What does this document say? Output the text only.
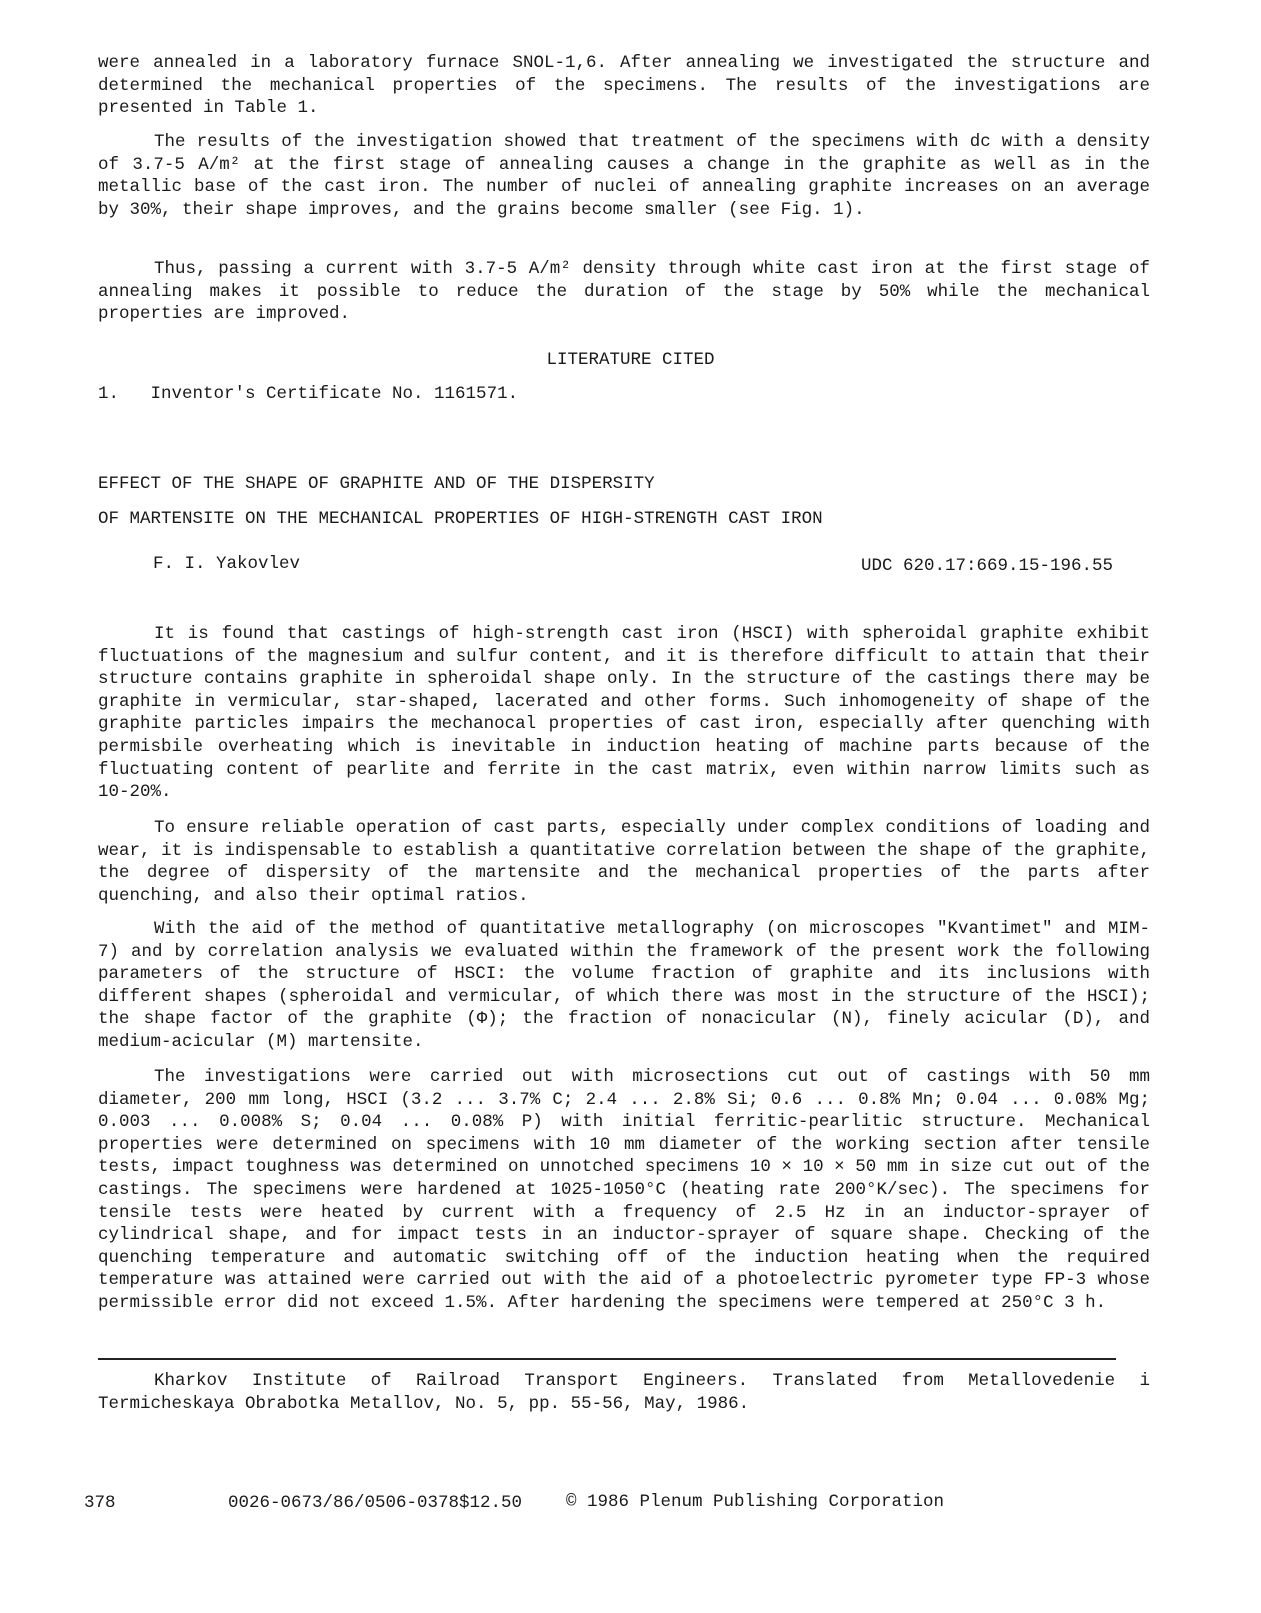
were annealed in a laboratory furnace SNOL-1,6. After annealing we investigated the structure and determined the mechanical properties of the specimens. The results of the investigations are presented in Table 1.

The results of the investigation showed that treatment of the specimens with dc with a density of 3.7-5 A/m² at the first stage of annealing causes a change in the graphite as well as in the metallic base of the cast iron. The number of nuclei of annealing graphite increases on an average by 30%, their shape improves, and the grains become smaller (see Fig. 1).

Thus, passing a current with 3.7-5 A/m² density through white cast iron at the first stage of annealing makes it possible to reduce the duration of the stage by 50% while the mechanical properties are improved.

LITERATURE CITED
1.   Inventor's Certificate No. 1161571.
EFFECT OF THE SHAPE OF GRAPHITE AND OF THE DISPERSITY
OF MARTENSITE ON THE MECHANICAL PROPERTIES OF HIGH-STRENGTH CAST IRON
F. I. Yakovlev	UDC 620.17:669.15-196.55

It is found that castings of high-strength cast iron (HSCI) with spheroidal graphite exhibit fluctuations of the magnesium and sulfur content, and it is therefore difficult to attain that their structure contains graphite in spheroidal shape only. In the structure of the castings there may be graphite in vermicular, star-shaped, lacerated and other forms. Such inhomogeneity of shape of the graphite particles impairs the mechanocal properties of cast iron, especially after quenching with permisbile overheating which is inevitable in induction heating of machine parts because of the fluctuating content of pearlite and ferrite in the cast matrix, even within narrow limits such as 10-20%.

To ensure reliable operation of cast parts, especially under complex conditions of loading and wear, it is indispensable to establish a quantitative correlation between the shape of the graphite, the degree of dispersity of the martensite and the mechanical properties of the parts after quenching, and also their optimal ratios.

With the aid of the method of quantitative metallography (on microscopes "Kvantimet" and MIM-7) and by correlation analysis we evaluated within the framework of the present work the following parameters of the structure of HSCI: the volume fraction of graphite and its inclusions with different shapes (spheroidal and vermicular, of which there was most in the structure of the HSCI); the shape factor of the graphite (Φ); the fraction of nonacicular (N), finely acicular (D), and medium-acicular (M) martensite.

The investigations were carried out with microsections cut out of castings with 50 mm diameter, 200 mm long, HSCI (3.2 ... 3.7% C; 2.4 ... 2.8% Si; 0.6 ... 0.8% Mn; 0.04 ... 0.08% Mg; 0.003 ... 0.008% S; 0.04 ... 0.08% P) with initial ferritic-pearlitic structure. Mechanical properties were determined on specimens with 10 mm diameter of the working section after tensile tests, impact toughness was determined on unnotched specimens 10 × 10 × 50 mm in size cut out of the castings. The specimens were hardened at 1025-1050°C (heating rate 200°K/sec). The specimens for tensile tests were heated by current with a frequency of 2.5 Hz in an inductor-sprayer of cylindrical shape, and for impact tests in an inductor-sprayer of square shape. Checking of the quenching temperature and automatic switching off of the induction heating when the required temperature was attained were carried out with the aid of a photoelectric pyrometer type FP-3 whose permissible error did not exceed 1.5%. After hardening the specimens were tempered at 250°C 3 h.

Kharkov Institute of Railroad Transport Engineers. Translated from Metallovedenie i Termicheskaya Obrabotka Metallov, No. 5, pp. 55-56, May, 1986.

378	0026-0673/86/0506-0378$12.50	© 1986 Plenum Publishing Corporation
